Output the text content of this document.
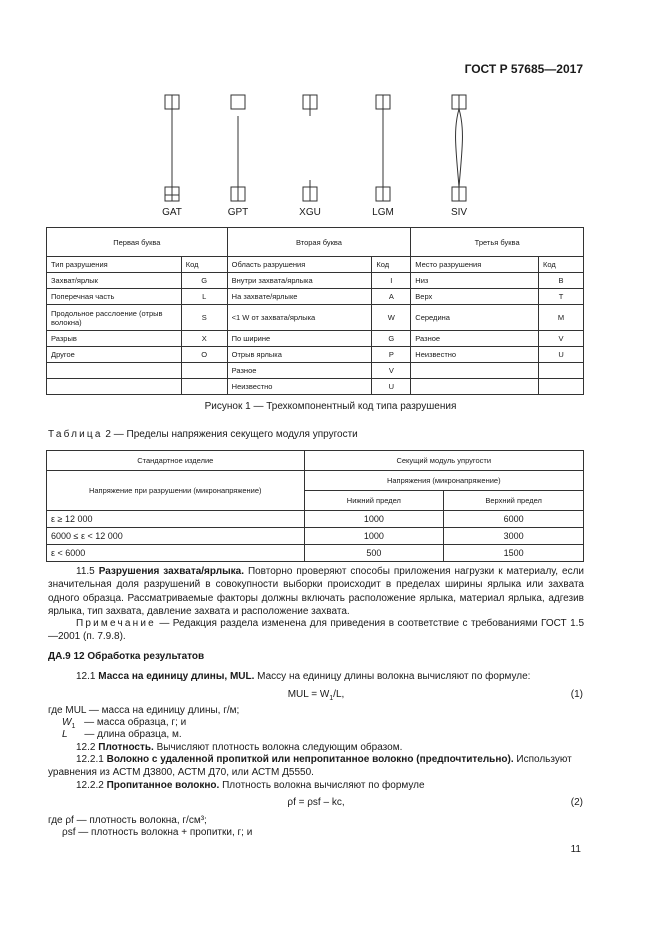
ГОСТ Р 57685—2017
GAT	GPT	XGU	LGM	SIV
Первая буква		Вторая буква		Третья буква	
Тип разрушения	Код	Область разрушения	Код	Место разрушения	Код
Захват/ярлык	G	Внутри захвата/ярлыка	I	Низ	B
Поперечная часть	L	На захвате/ярлыке	A	Верх	T
Продольное расслоение (отрыв волокна)	S	<1 W от захвата/ярлыка	W	Середина	M
Разрыв	X	По ширине	G	Разное	V
Другое	O	Отрыв ярлыка	P	Неизвестно	U
		Разное	V		
		Неизвестно	U		
Рисунок 1 — Трехкомпонентный код типа разрушения
Таблица 2 — Пределы напряжения секущего модуля упругости
Стандартное изделие	Секущий модуль упругости	
Напряжение при разрушении (микронапряжение)	Напряжения (микронапряжение)	
	Нижний предел	Верхний предел
ε ≥ 12 000	1000	6000
6000 ≤ ε < 12 000	1000	3000
ε < 6000	500	1500
11.5 Разрушения захвата/ярлыка. Повторно проверяют способы приложения нагрузки к материалу, если значительная доля разрушений в совокупности выборки происходит в пределах ширины ярлыка или захвата одного образца. Рассматриваемые факторы должны включать расположение ярлыка, материал ярлыка, адгезив ярлыка, тип захвата, давление захвата и расположение захвата.
Примечание — Редакция раздела изменена для приведения в соответствие с требованиями ГОСТ 1.5—2001 (п. 7.9.8).
ДА.9 12 Обработка результатов
12.1 Масса на единицу длины, MUL. Массу на единицу длины волокна вычисляют по формуле:
MUL = $W_1/L$,	(1)
где MUL — масса на единицу длины, г/м;
$W_1$ — масса образца, г; и
L — длина образца, м.
12.2 Плотность. Вычисляют плотность волокна следующим образом.
12.2.1 Волокно с удаленной пропиткой или непропитанное волокно (предпочтительно). Используют уравнения из АСТМ Д3800, АСТМ Д70, или АСТМ Д5550.
12.2.2 Пропитанное волокно. Плотность волокна вычисляют по формуле
ρf = ρsf – kc,	(2)
где ρf — плотность волокна, г/см³;
ρsf — плотность волокна + пропитки, г; и
11
